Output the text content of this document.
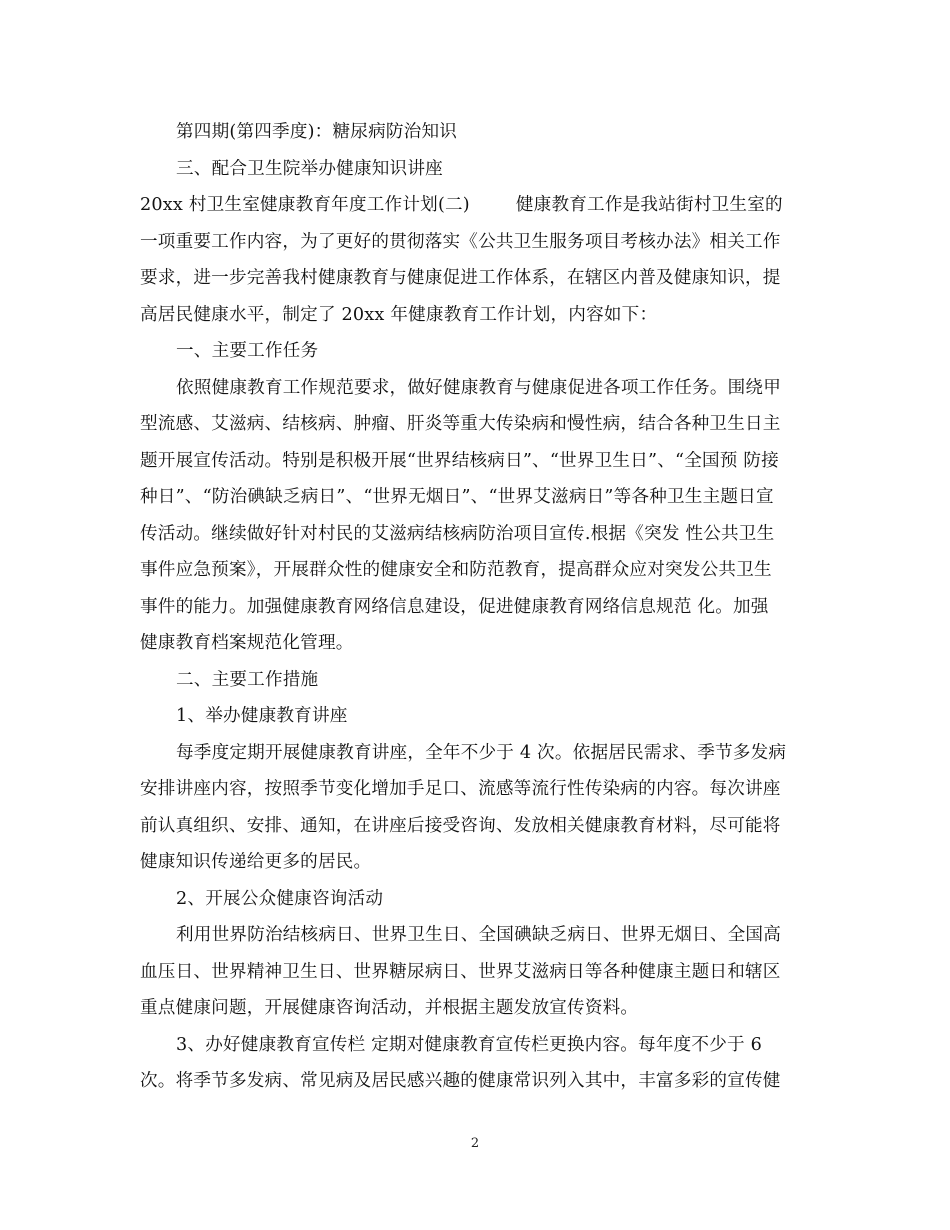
第四期(第四季度)：糖尿病防治知识
三、配合卫生院举办健康知识讲座
20xx 村卫生室健康教育年度工作计划(二)	健康教育工作是我站街村卫生室的
一项重要工作内容，为了更好的贯彻落实《公共卫生服务项目考核办法》相关工作
要求，进一步完善我村健康教育与健康促进工作体系，在辖区内普及健康知识，提
高居民健康水平，制定了 20xx 年健康教育工作计划，内容如下：
一、主要工作任务
依照健康教育工作规范要求，做好健康教育与健康促进各项工作任务。围绕甲
型流感、艾滋病、结核病、肿瘤、肝炎等重大传染病和慢性病，结合各种卫生日主
题开展宣传活动。特别是积极开展“世界结核病日”、“世界卫生日”、“全国预 防接
种日”、“防治碘缺乏病日”、“世界无烟日”、“世界艾滋病日”等各种卫生主题日宣
传活动。继续做好针对村民的艾滋病结核病防治项目宣传.根据《突发 性公共卫生
事件应急预案》，开展群众性的健康安全和防范教育，提高群众应对突发公共卫生
事件的能力。加强健康教育网络信息建设，促进健康教育网络信息规范 化。加强
健康教育档案规范化管理。
二、主要工作措施
1、举办健康教育讲座
每季度定期开展健康教育讲座，全年不少于 4 次。依据居民需求、季节多发病
安排讲座内容，按照季节变化增加手足口、流感等流行性传染病的内容。每次讲座
前认真组织、安排、通知，在讲座后接受咨询、发放相关健康教育材料，尽可能将
健康知识传递给更多的居民。
2、开展公众健康咨询活动
利用世界防治结核病日、世界卫生日、全国碘缺乏病日、世界无烟日、全国高
血压日、世界精神卫生日、世界糖尿病日、世界艾滋病日等各种健康主题日和辖区
重点健康问题，开展健康咨询活动，并根据主题发放宣传资料。
3、办好健康教育宣传栏 定期对健康教育宣传栏更换内容。每年度不少于 6
次。将季节多发病、常见病及居民感兴趣的健康常识列入其中，丰富多彩的宣传健
2
